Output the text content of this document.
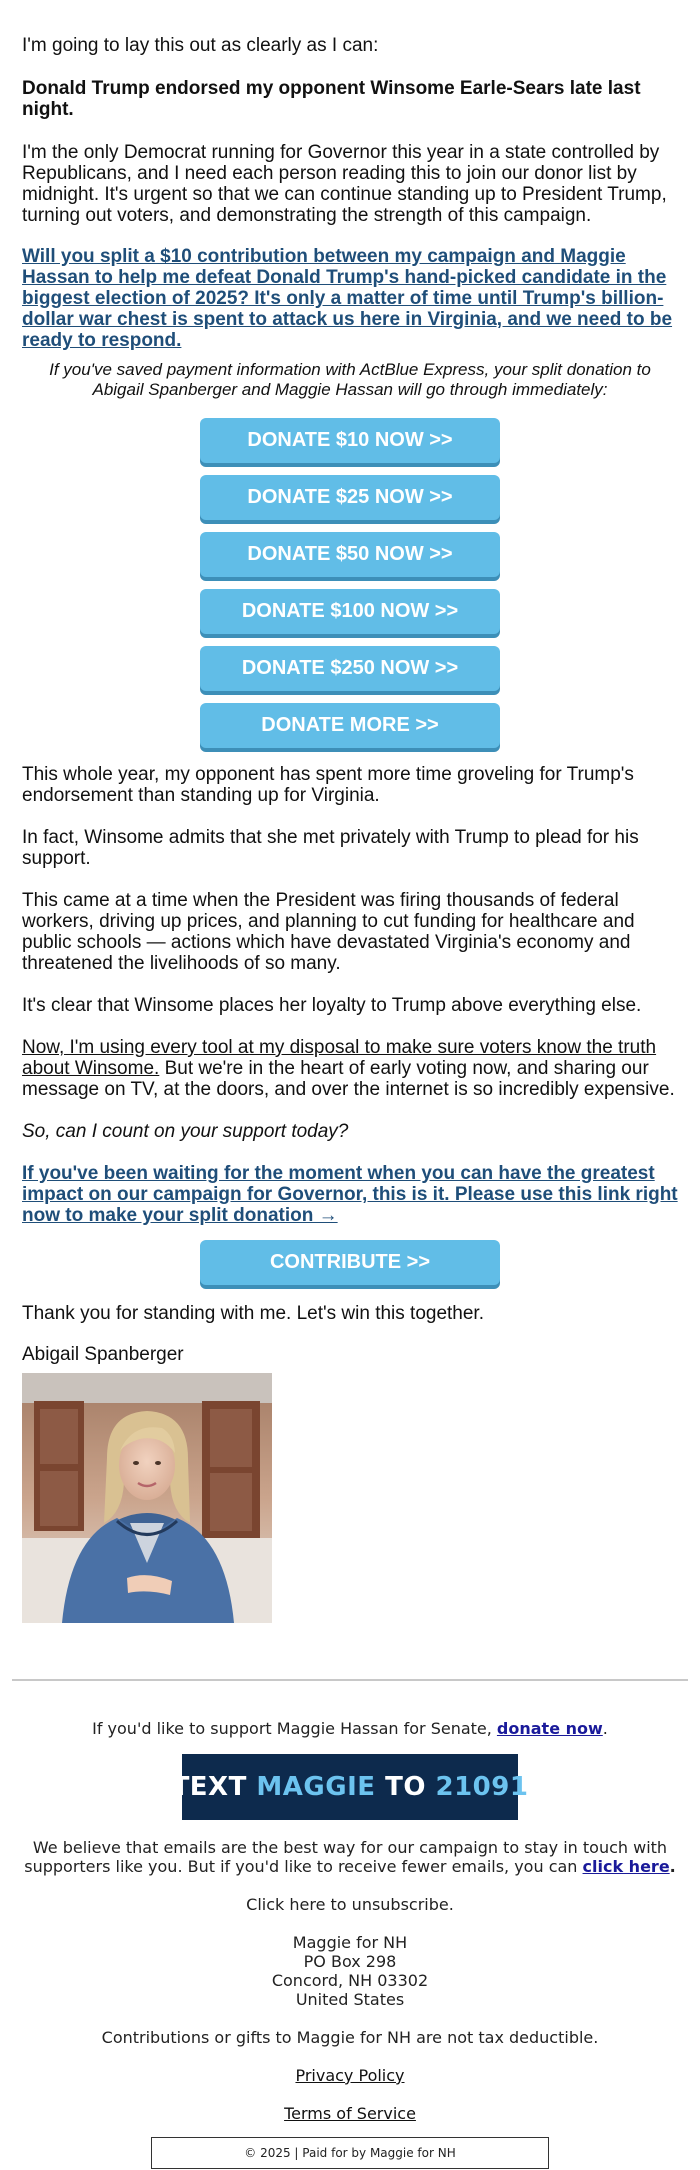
I'm going to lay this out as clearly as I can:

Donald Trump endorsed my opponent Winsome Earle-Sears late last night.

I'm the only Democrat running for Governor this year in a state controlled by Republicans, and I need each person reading this to join our donor list by midnight. It's urgent so that we can continue standing up to President Trump, turning out voters, and demonstrating the strength of this campaign.

Will you split a $10 contribution between my campaign and Maggie Hassan to help me defeat Donald Trump's hand-picked candidate in the biggest election of 2025? It's only a matter of time until Trump's billion-dollar war chest is spent to attack us here in Virginia, and we need to be ready to respond.

If you've saved payment information with ActBlue Express, your split donation to Abigail Spanberger and Maggie Hassan will go through immediately:

DONATE $10 NOW >>
DONATE $25 NOW >>
DONATE $50 NOW >>
DONATE $100 NOW >>
DONATE $250 NOW >>
DONATE MORE >>

This whole year, my opponent has spent more time groveling for Trump's endorsement than standing up for Virginia.

In fact, Winsome admits that she met privately with Trump to plead for his support.

This came at a time when the President was firing thousands of federal workers, driving up prices, and planning to cut funding for healthcare and public schools — actions which have devastated Virginia's economy and threatened the livelihoods of so many.

It's clear that Winsome places her loyalty to Trump above everything else.

Now, I'm using every tool at my disposal to make sure voters know the truth about Winsome. But we're in the heart of early voting now, and sharing our message on TV, at the doors, and over the internet is so incredibly expensive.

So, can I count on your support today?

If you've been waiting for the moment when you can have the greatest impact on our campaign for Governor, this is it. Please use this link right now to make your split donation →

CONTRIBUTE >>

Thank you for standing with me. Let's win this together.

Abigail Spanberger

If you'd like to support Maggie Hassan for Senate, donate now.

TEXT MAGGIE TO 21091

We believe that emails are the best way for our campaign to stay in touch with supporters like you. But if you'd like to receive fewer emails, you can click here.

Click here to unsubscribe.

Maggie for NH
PO Box 298
Concord, NH 03302
United States

Contributions or gifts to Maggie for NH are not tax deductible.

Privacy Policy

Terms of Service

© 2025 | Paid for by Maggie for NH
